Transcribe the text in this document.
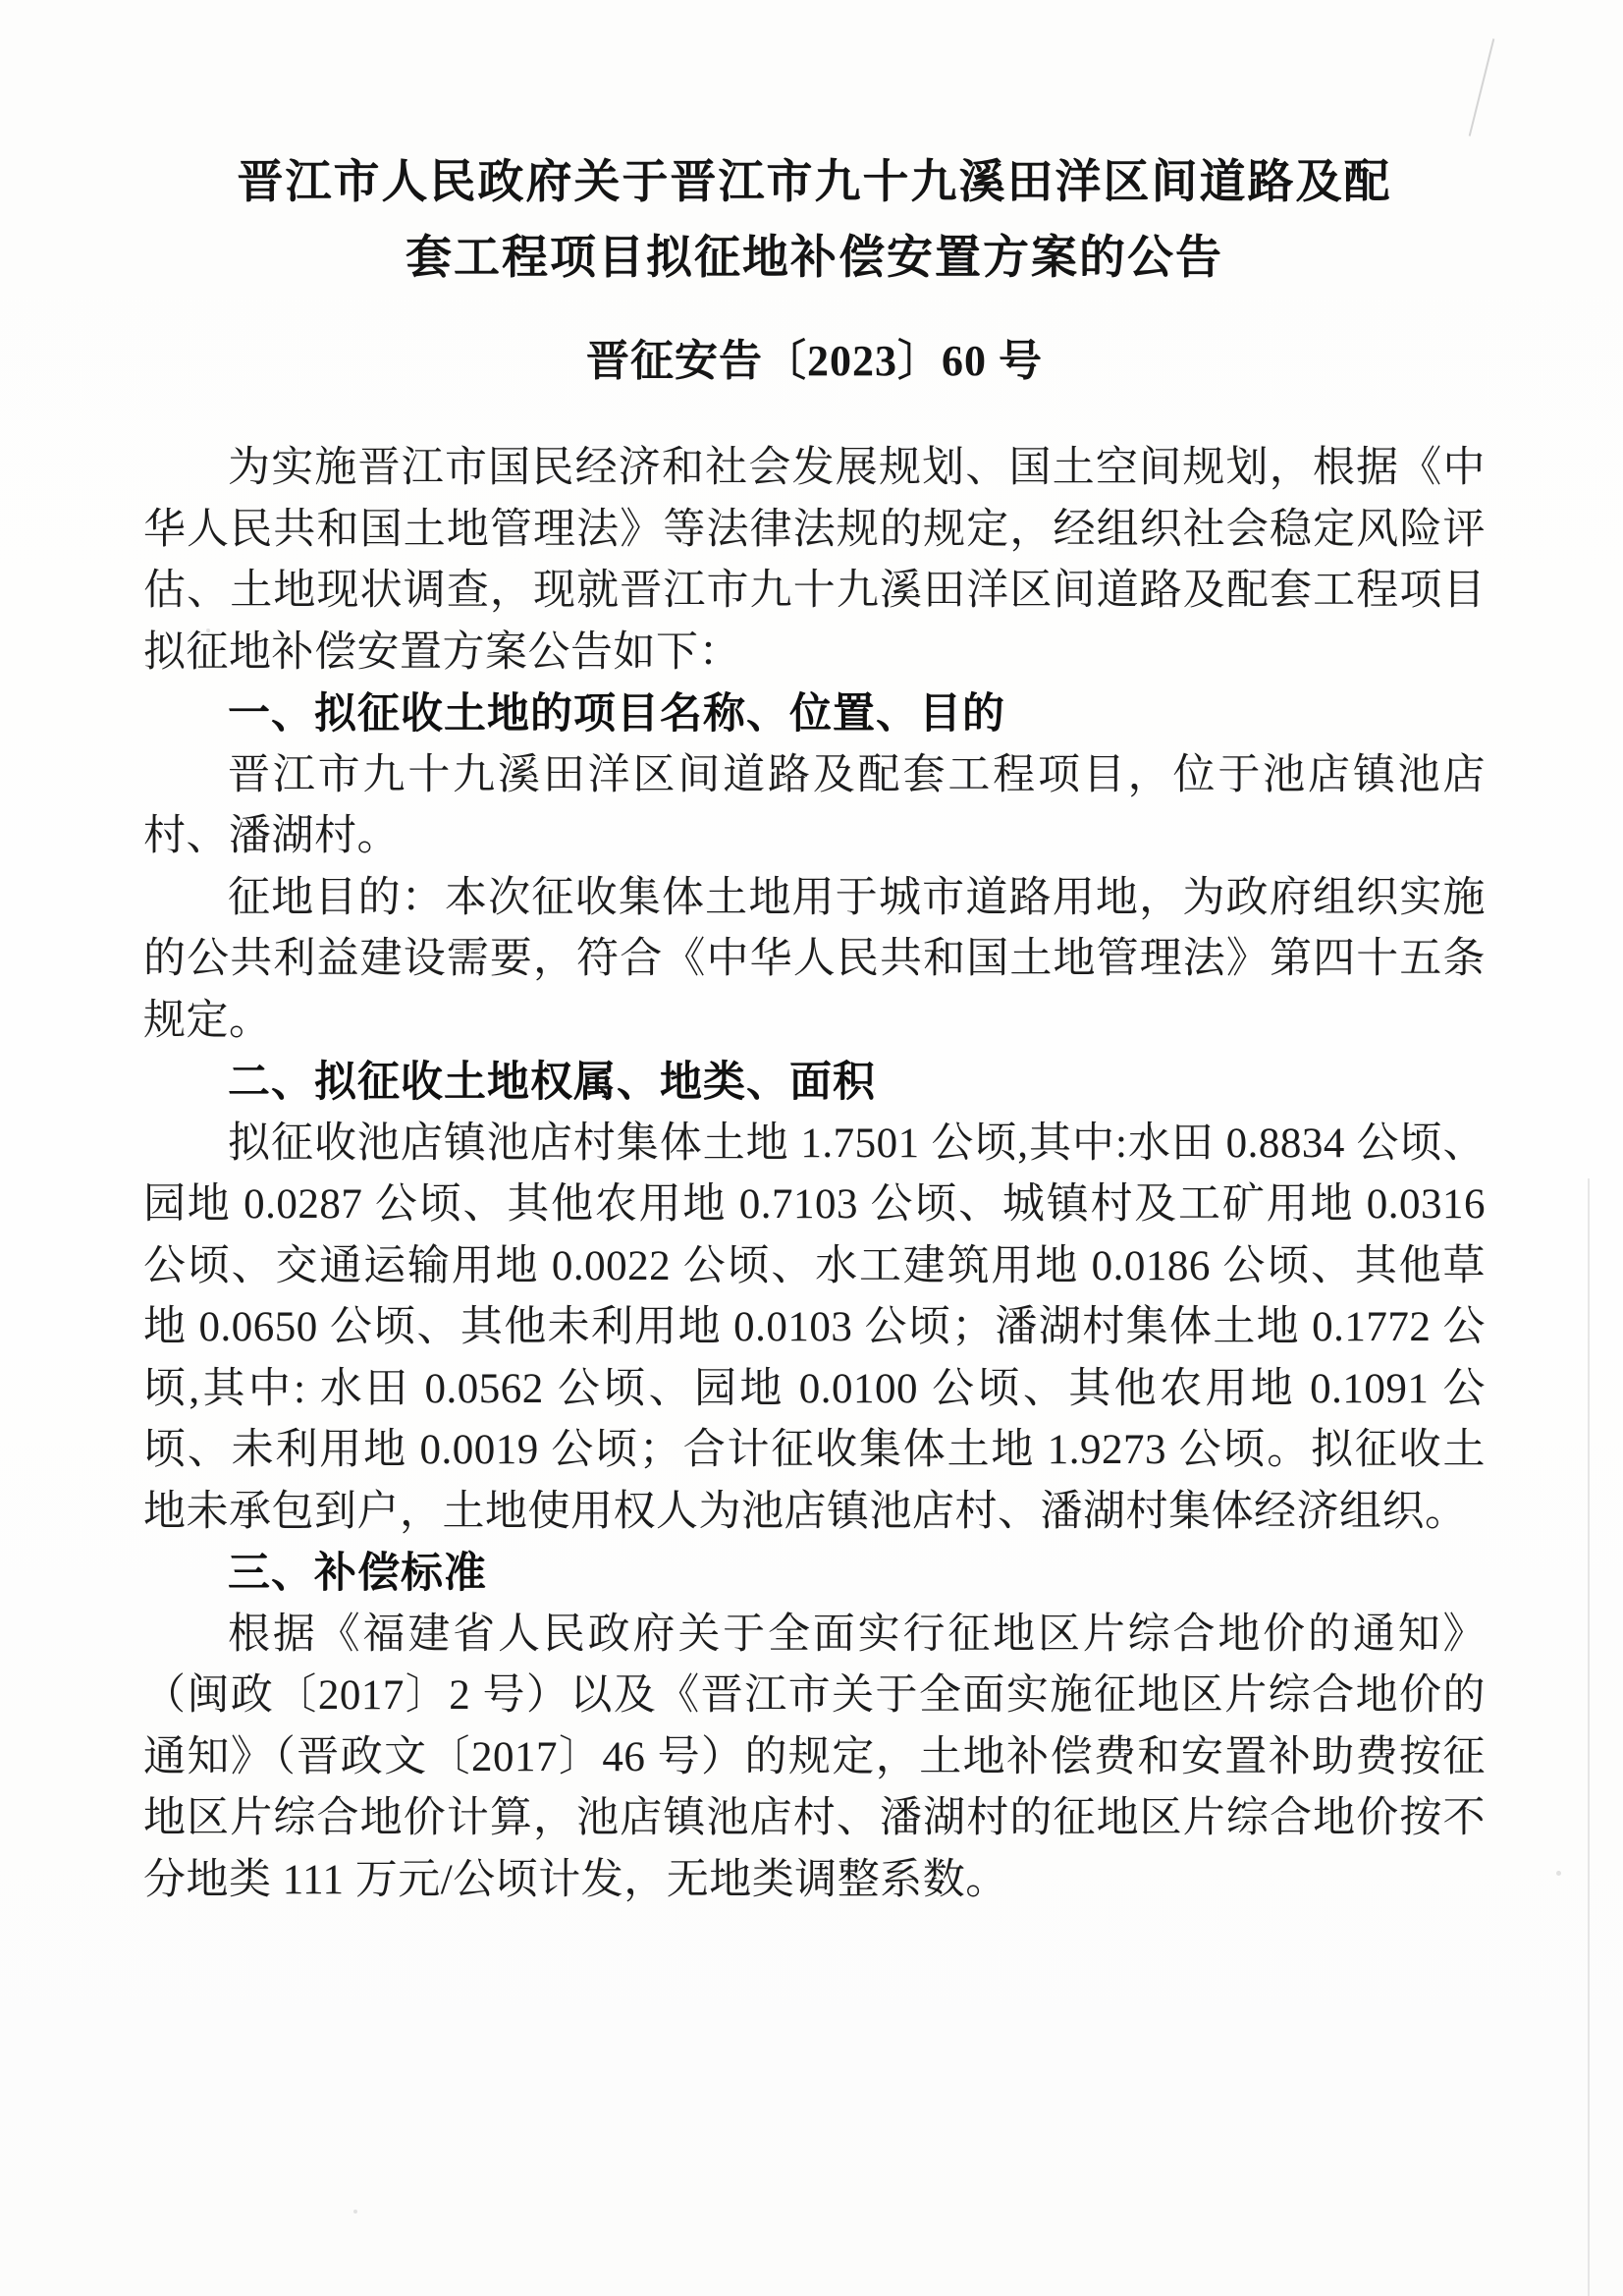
晋江市人民政府关于晋江市九十九溪田洋区间道路及配
套工程项目拟征地补偿安置方案的公告
晋征安告〔2023〕60 号

为实施晋江市国民经济和社会发展规划、国土空间规划，根据《中华人民共和国土地管理法》等法律法规的规定，经组织社会稳定风险评估、土地现状调查，现就晋江市九十九溪田洋区间道路及配套工程项目拟征地补偿安置方案公告如下：

一、拟征收土地的项目名称、位置、目的

晋江市九十九溪田洋区间道路及配套工程项目，位于池店镇池店村、潘湖村。

征地目的：本次征收集体土地用于城市道路用地，为政府组织实施的公共利益建设需要，符合《中华人民共和国土地管理法》第四十五条规定。

二、拟征收土地权属、地类、面积

拟征收池店镇池店村集体土地 1.7501 公顷,其中:水田 0.8834 公顷、园地 0.0287 公顷、其他农用地 0.7103 公顷、城镇村及工矿用地 0.0316 公顷、交通运输用地 0.0022 公顷、水工建筑用地 0.0186 公顷、其他草地 0.0650 公顷、其他未利用地 0.0103 公顷；潘湖村集体土地 0.1772 公顷,其中: 水田 0.0562 公顷、园地 0.0100 公顷、其他农用地 0.1091 公顷、未利用地 0.0019 公顷；合计征收集体土地 1.9273 公顷。拟征收土地未承包到户，土地使用权人为池店镇池店村、潘湖村集体经济组织。

三、补偿标准

根据《福建省人民政府关于全面实行征地区片综合地价的通知》（闽政〔2017〕2 号）以及《晋江市关于全面实施征地区片综合地价的通知》（晋政文〔2017〕46 号）的规定，土地补偿费和安置补助费按征地区片综合地价计算，池店镇池店村、潘湖村的征地区片综合地价按不分地类 111 万元/公顷计发，无地类调整系数。
